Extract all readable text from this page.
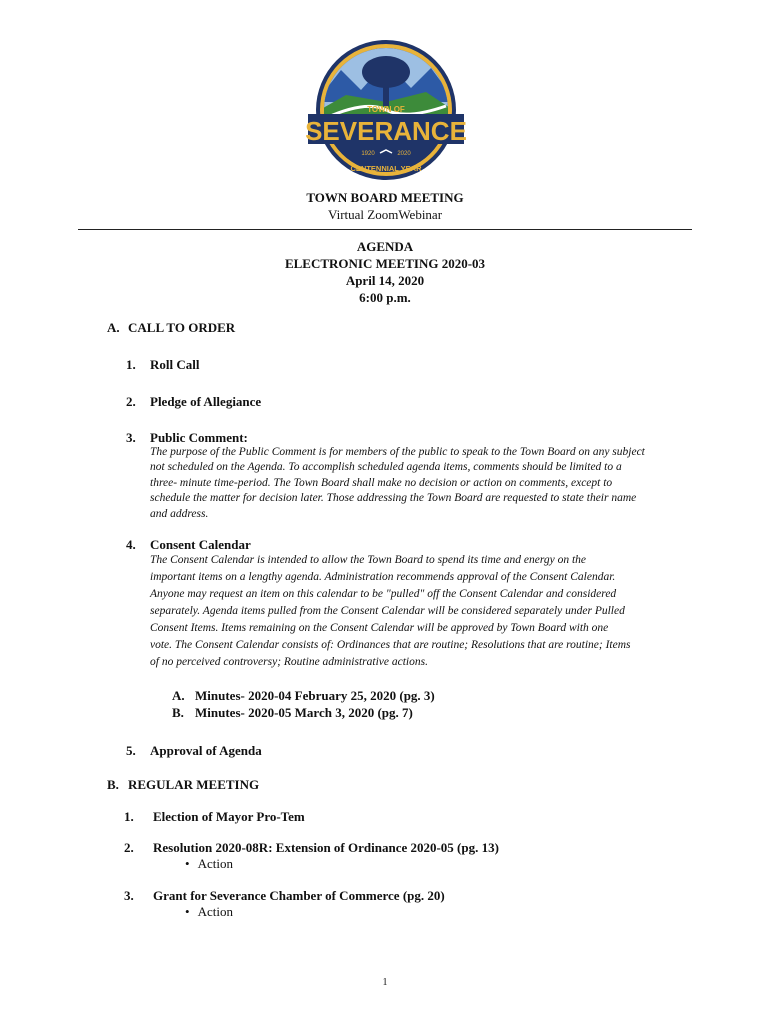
TOWN OF
SEVERANCE
1920	2020
CENTENNIAL YEAR
TOWN BOARD MEETING
Virtual ZoomWebinar
AGENDA
ELECTRONIC MEETING 2020-03
April 14, 2020
6:00 p.m.
A. CALL TO ORDER
1. Roll Call
2. Pledge of Allegiance
3. Public Comment:
The purpose of the Public Comment is for members of the public to speak to the Town Board on any subject
not scheduled on the Agenda. To accomplish scheduled agenda items, comments should be limited to a
three- minute time-period. The Town Board shall make no decision or action on comments, except to
schedule the matter for decision later. Those addressing the Town Board are requested to state their name
and address.
4. Consent Calendar
The Consent Calendar is intended to allow the Town Board to spend its time and energy on the
important items on a lengthy agenda. Administration recommends approval of the Consent Calendar.
Anyone may request an item on this calendar to be "pulled" off the Consent Calendar and considered
separately. Agenda items pulled from the Consent Calendar will be considered separately under Pulled
Consent Items. Items remaining on the Consent Calendar will be approved by Town Board with one
vote. The Consent Calendar consists of: Ordinances that are routine; Resolutions that are routine; Items
of no perceived controversy; Routine administrative actions.
A. Minutes- 2020-04 February 25, 2020 (pg. 3)
B. Minutes- 2020-05 March 3, 2020 (pg. 7)
5. Approval of Agenda
B. REGULAR MEETING
1. Election of Mayor Pro-Tem
2. Resolution 2020-08R: Extension of Ordinance 2020-05 (pg. 13)
• Action
3. Grant for Severance Chamber of Commerce (pg. 20)
• Action
1
